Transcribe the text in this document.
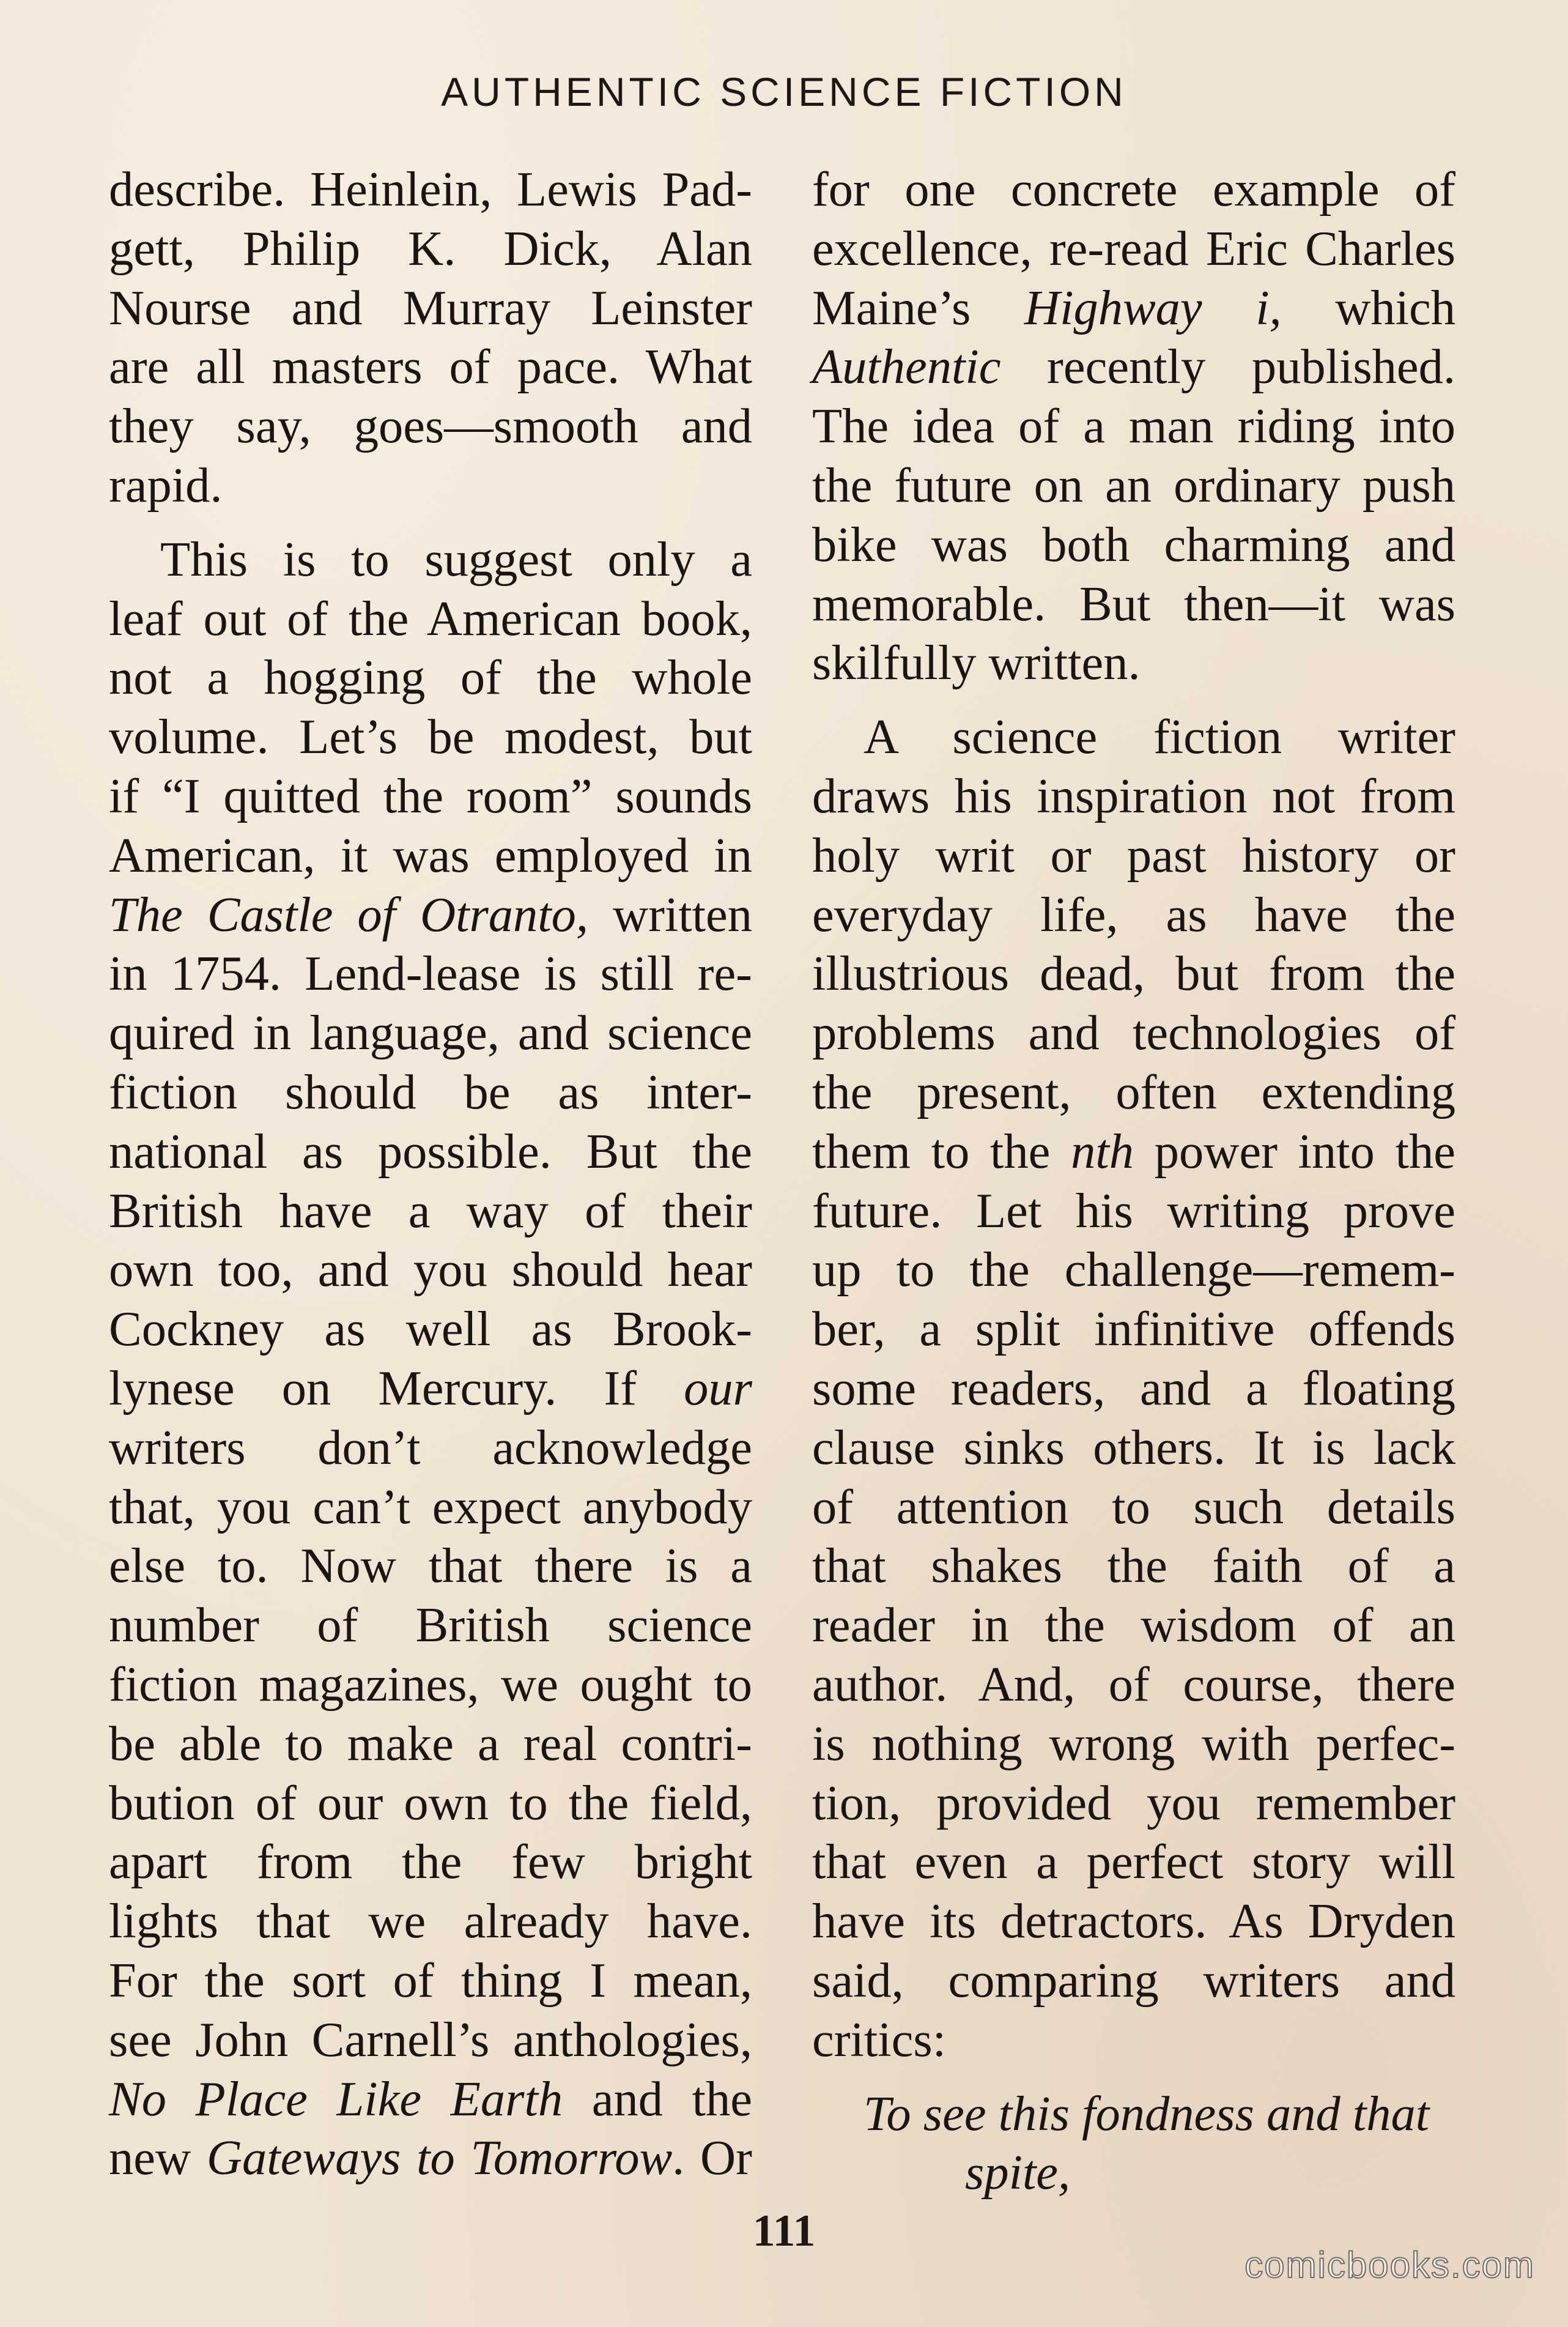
AUTHENTIC SCIENCE FICTION
describe. Heinlein, Lewis Pad-
gett, Philip K. Dick, Alan
Nourse and Murray Leinster
are all masters of pace. What
they say, goes—smooth and
rapid.
This is to suggest only a
leaf out of the American book,
not a hogging of the whole
volume. Let’s be modest, but
if “I quitted the room” sounds
American, it was employed in
The Castle of Otranto, written
in 1754. Lend-lease is still re-
quired in language, and science
fiction should be as inter-
national as possible. But the
British have a way of their
own too, and you should hear
Cockney as well as Brook-
lynese on Mercury. If our
writers don’t acknowledge
that, you can’t expect anybody
else to. Now that there is a
number of British science
fiction magazines, we ought to
be able to make a real contri-
bution of our own to the field,
apart from the few bright
lights that we already have.
For the sort of thing I mean,
see John Carnell’s anthologies,
No Place Like Earth and the
new Gateways to Tomorrow. Or
for one concrete example of
excellence, re-read Eric Charles
Maine’s Highway i, which
Authentic recently published.
The idea of a man riding into
the future on an ordinary push
bike was both charming and
memorable. But then—it was
skilfully written.
A science fiction writer
draws his inspiration not from
holy writ or past history or
everyday life, as have the
illustrious dead, but from the
problems and technologies of
the present, often extending
them to the nth power into the
future. Let his writing prove
up to the challenge—remem-
ber, a split infinitive offends
some readers, and a floating
clause sinks others. It is lack
of attention to such details
that shakes the faith of a
reader in the wisdom of an
author. And, of course, there
is nothing wrong with perfec-
tion, provided you remember
that even a perfect story will
have its detractors. As Dryden
said, comparing writers and
critics:
To see this fondness and that
spite,
111
comicbooks.com
